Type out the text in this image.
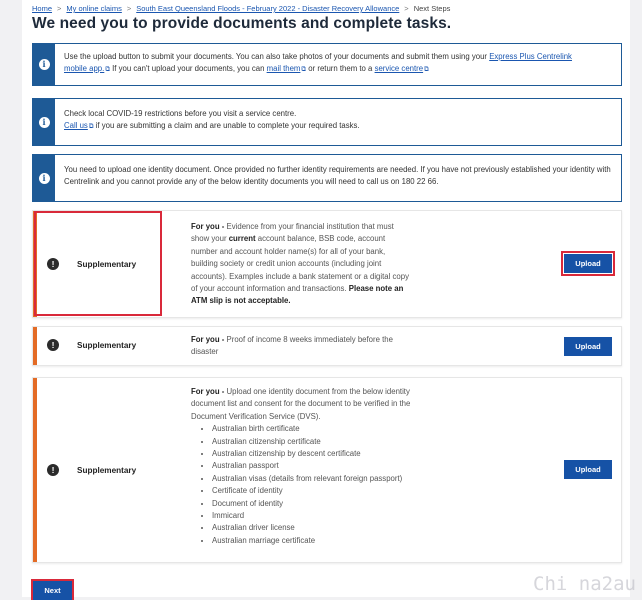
Home > My online claims > South East Queensland Floods - February 2022 - Disaster Recovery Allowance > Next Steps
We need you to provide documents and complete tasks.
i
Use the upload button to submit your documents. You can also take photos of your documents and submit them using your Express Plus Centrelink
mobile app.⧉ If you can't upload your documents, you can mail them⧉ or return them to a service centre⧉
i
Check local COVID-19 restrictions before you visit a service centre.
Call us⧉ if you are submitting a claim and are unable to complete your required tasks.
i
You need to upload one identity document. Once provided no further identity requirements are needed. If you have not previously established your identity with Centrelink and you cannot provide any of the below identity documents you will need to call us on 180 22 66.
!	Supplementary
For you - Evidence from your financial institution that must show your current account balance, BSB code, account number and account holder name(s) for all of your bank, building society or credit union accounts (including joint accounts). Examples include a bank statement or a digital copy of your account information and transactions. Please note an ATM slip is not acceptable.
Upload
!	Supplementary
For you - Proof of income 8 weeks immediately before the disaster
Upload
!	Supplementary
For you - Upload one identity document from the below identity document list and consent for the document to be verified in the Document Verification Service (DVS).
• Australian birth certificate
• Australian citizenship certificate
• Australian citizenship by descent certificate
• Australian passport
• Australian visas (details from relevant foreign passport)
• Certificate of identity
• Document of identity
• Immicard
• Australian driver license
• Australian marriage certificate
Upload
Next	Chi na2au
